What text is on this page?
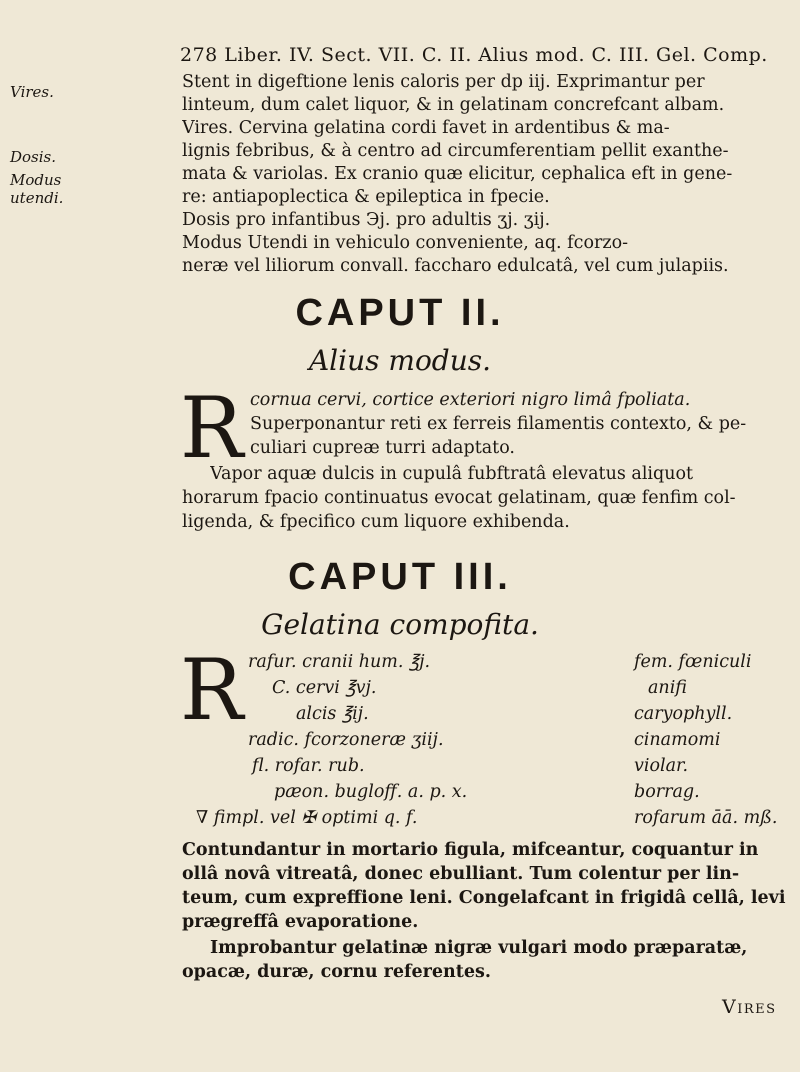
278 Liber. IV. Sect. VII. C. II. Alius mod. C. III. Gel. Comp.
Vires.
Dosis.
Modus utendi.
Stent in digeftione lenis caloris per dp iij. Exprimantur per
linteum, dum calet liquor, & in gelatinam concrefcant albam.
Vires. Cervina gelatina cordi favet in ardentibus & ma-
lignis febribus, & à centro ad circumferentiam pellit exanthe-
mata & variolas. Ex cranio quæ elicitur, cephalica eft in gene-
re: antiapoplectica & epileptica in fpecie.
Dosis pro infantibus Эj. pro adultis ʒj. ʒij.
Modus Utendi in vehiculo conveniente, aq. fcorzo-
neræ vel liliorum convall. faccharo edulcatâ, vel cum julapiis.
CAPUT II.
Alius modus.
R cornua cervi, cortice exteriori nigro limâ fpoliata.
Superponantur reti ex ferreis filamentis contexto, & pe-
culiari cupreæ turri adaptato.
Vapor aquæ dulcis in cupulâ fubftratâ elevatus aliquot
horarum fpacio continuatus evocat gelatinam, quæ fenfim col-
ligenda, & fpecifico cum liquore exhibenda.
CAPUT III.
Gelatina compofita.
R rafur. cranii hum. ℥j.	fem. fœniculi
C. cervi ℥vj.	anifi
alcis ℥ij.	caryophyll.
radic. fcorzoneræ ʒiij.	cinamomi
fl. rofar. rub.	violar.
pæon. bugloff. a. p. x.	borrag.
∇ fimpl. vel ✠ optimi q. f.	rofarum āā. mß.
Contundantur in mortario figula, mifceantur, coquantur in
ollâ novâ vitreatâ, donec ebulliant. Tum colentur per lin-
teum, cum expreffione leni. Congelafcant in frigidâ cellâ, levi
prægreffâ evaporatione.
Improbantur gelatinæ nigræ vulgari modo præparatæ,
opacæ, duræ, cornu referentes.
Vires
